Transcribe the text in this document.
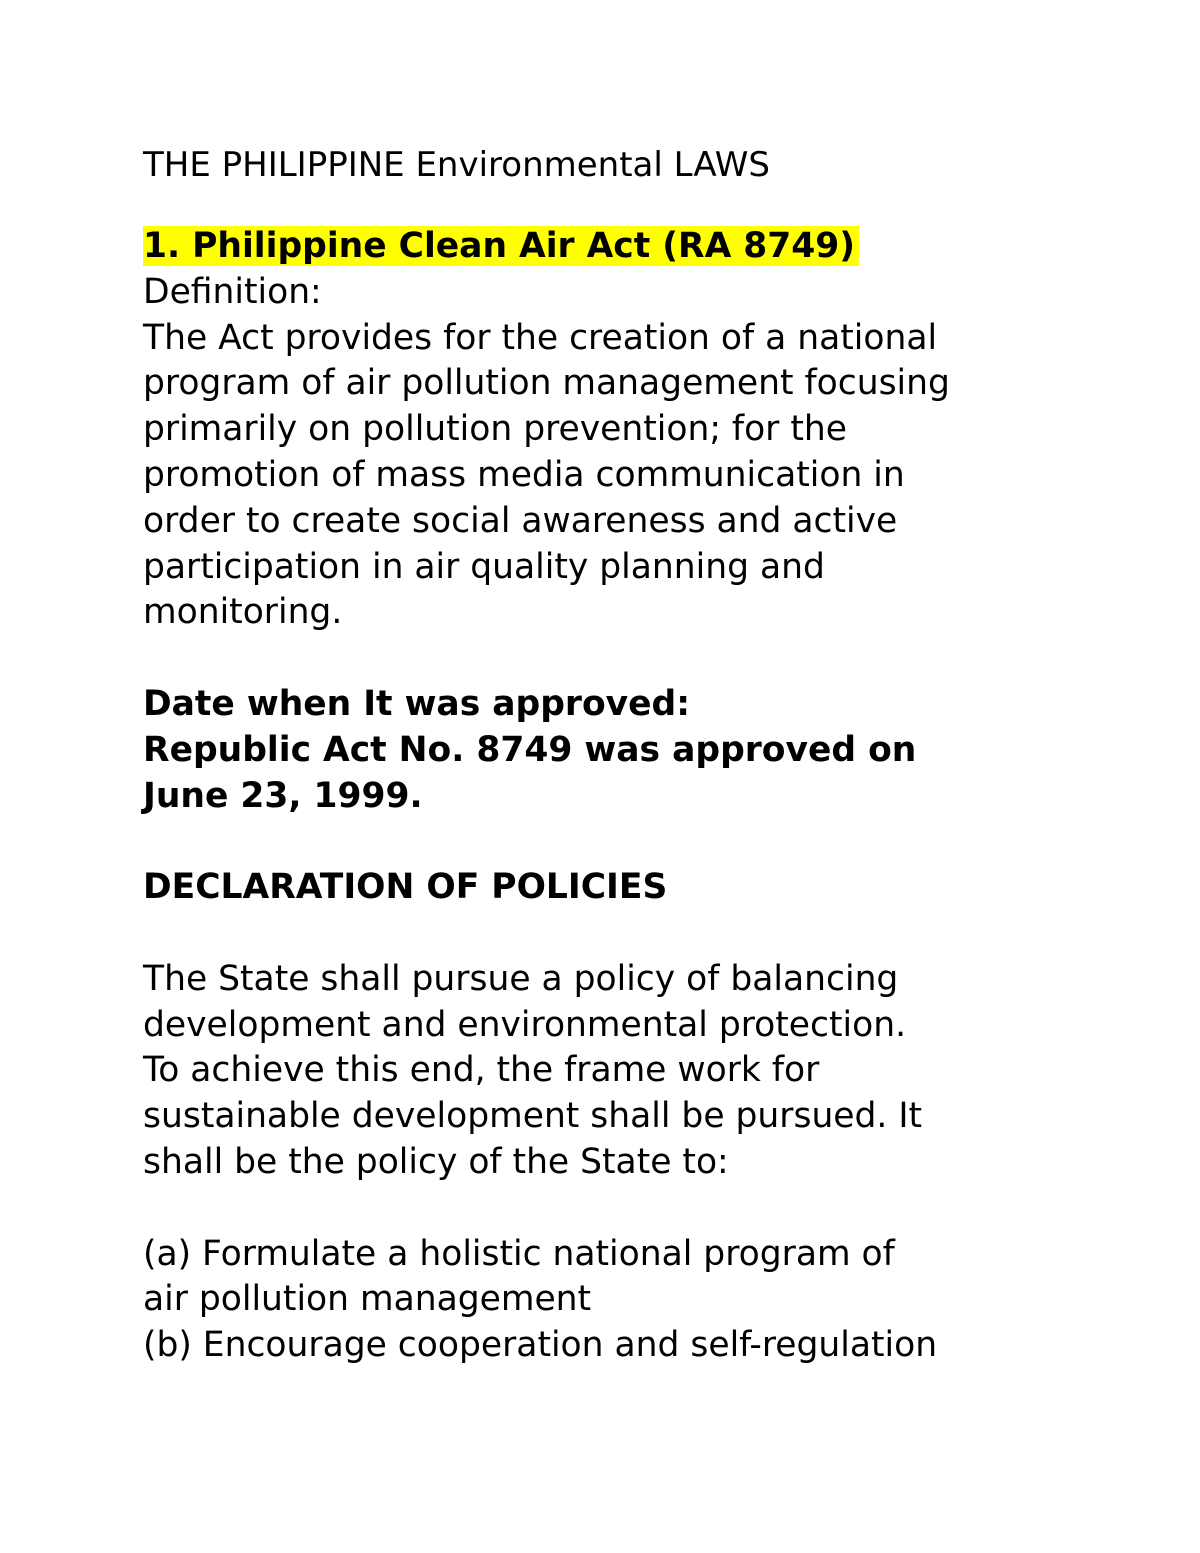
THE PHILIPPINE Environmental LAWS
1. Philippine Clean Air Act (RA 8749)
Definition:
The Act provides for the creation of a national
program of air pollution management focusing
primarily on pollution prevention; for the
promotion of mass media communication in
order to create social awareness and active
participation in air quality planning and
monitoring.
Date when It was approved:
Republic Act No. 8749 was approved on
June 23, 1999.
DECLARATION OF POLICIES
The State shall pursue a policy of balancing
development and environmental protection.
To achieve this end, the frame work for
sustainable development shall be pursued. It
shall be the policy of the State to:
(a) Formulate a holistic national program of
air pollution management
(b) Encourage cooperation and self-regulation
